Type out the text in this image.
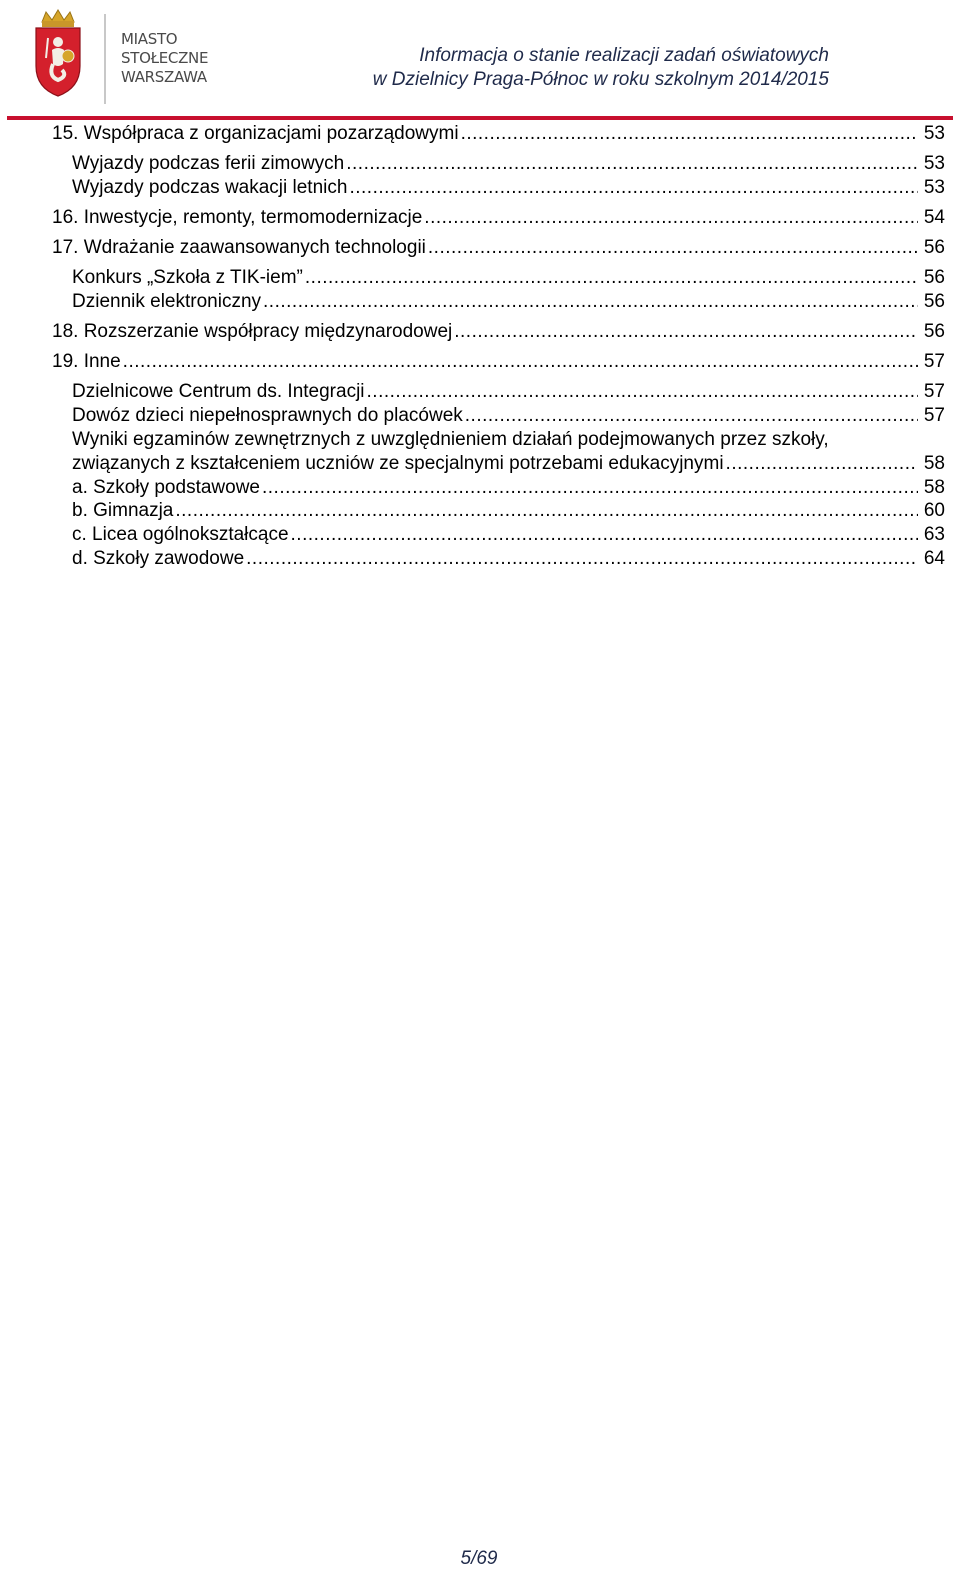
MIASTO
STOŁECZNE
WARSZAWA
Informacja o stanie realizacji zadań oświatowych
w Dzielnicy Praga-Północ w roku szkolnym 2014/2015
15. Współpraca z organizacjami pozarządowymi .....	53
Wyjazdy podczas ferii zimowych .....	53
Wyjazdy podczas wakacji letnich .....	53
16. Inwestycje, remonty, termomodernizacje .....	54
17. Wdrażanie zaawansowanych technologii .....	56
Konkurs „Szkoła z TIK-iem” .....	56
Dziennik elektroniczny .....	56
18. Rozszerzanie współpracy międzynarodowej .....	56
19. Inne .....	57
Dzielnicowe Centrum ds. Integracji .....	57
Dowóz dzieci niepełnosprawnych do placówek .....	57
Wyniki egzaminów zewnętrznych z uwzględnieniem działań podejmowanych przez szkoły,
związanych z kształceniem uczniów ze specjalnymi potrzebami edukacyjnymi .....	58
a. Szkoły podstawowe .....	58
b. Gimnazja .....	60
c. Licea ogólnokształcące .....	63
d. Szkoły zawodowe .....	64
5/69
